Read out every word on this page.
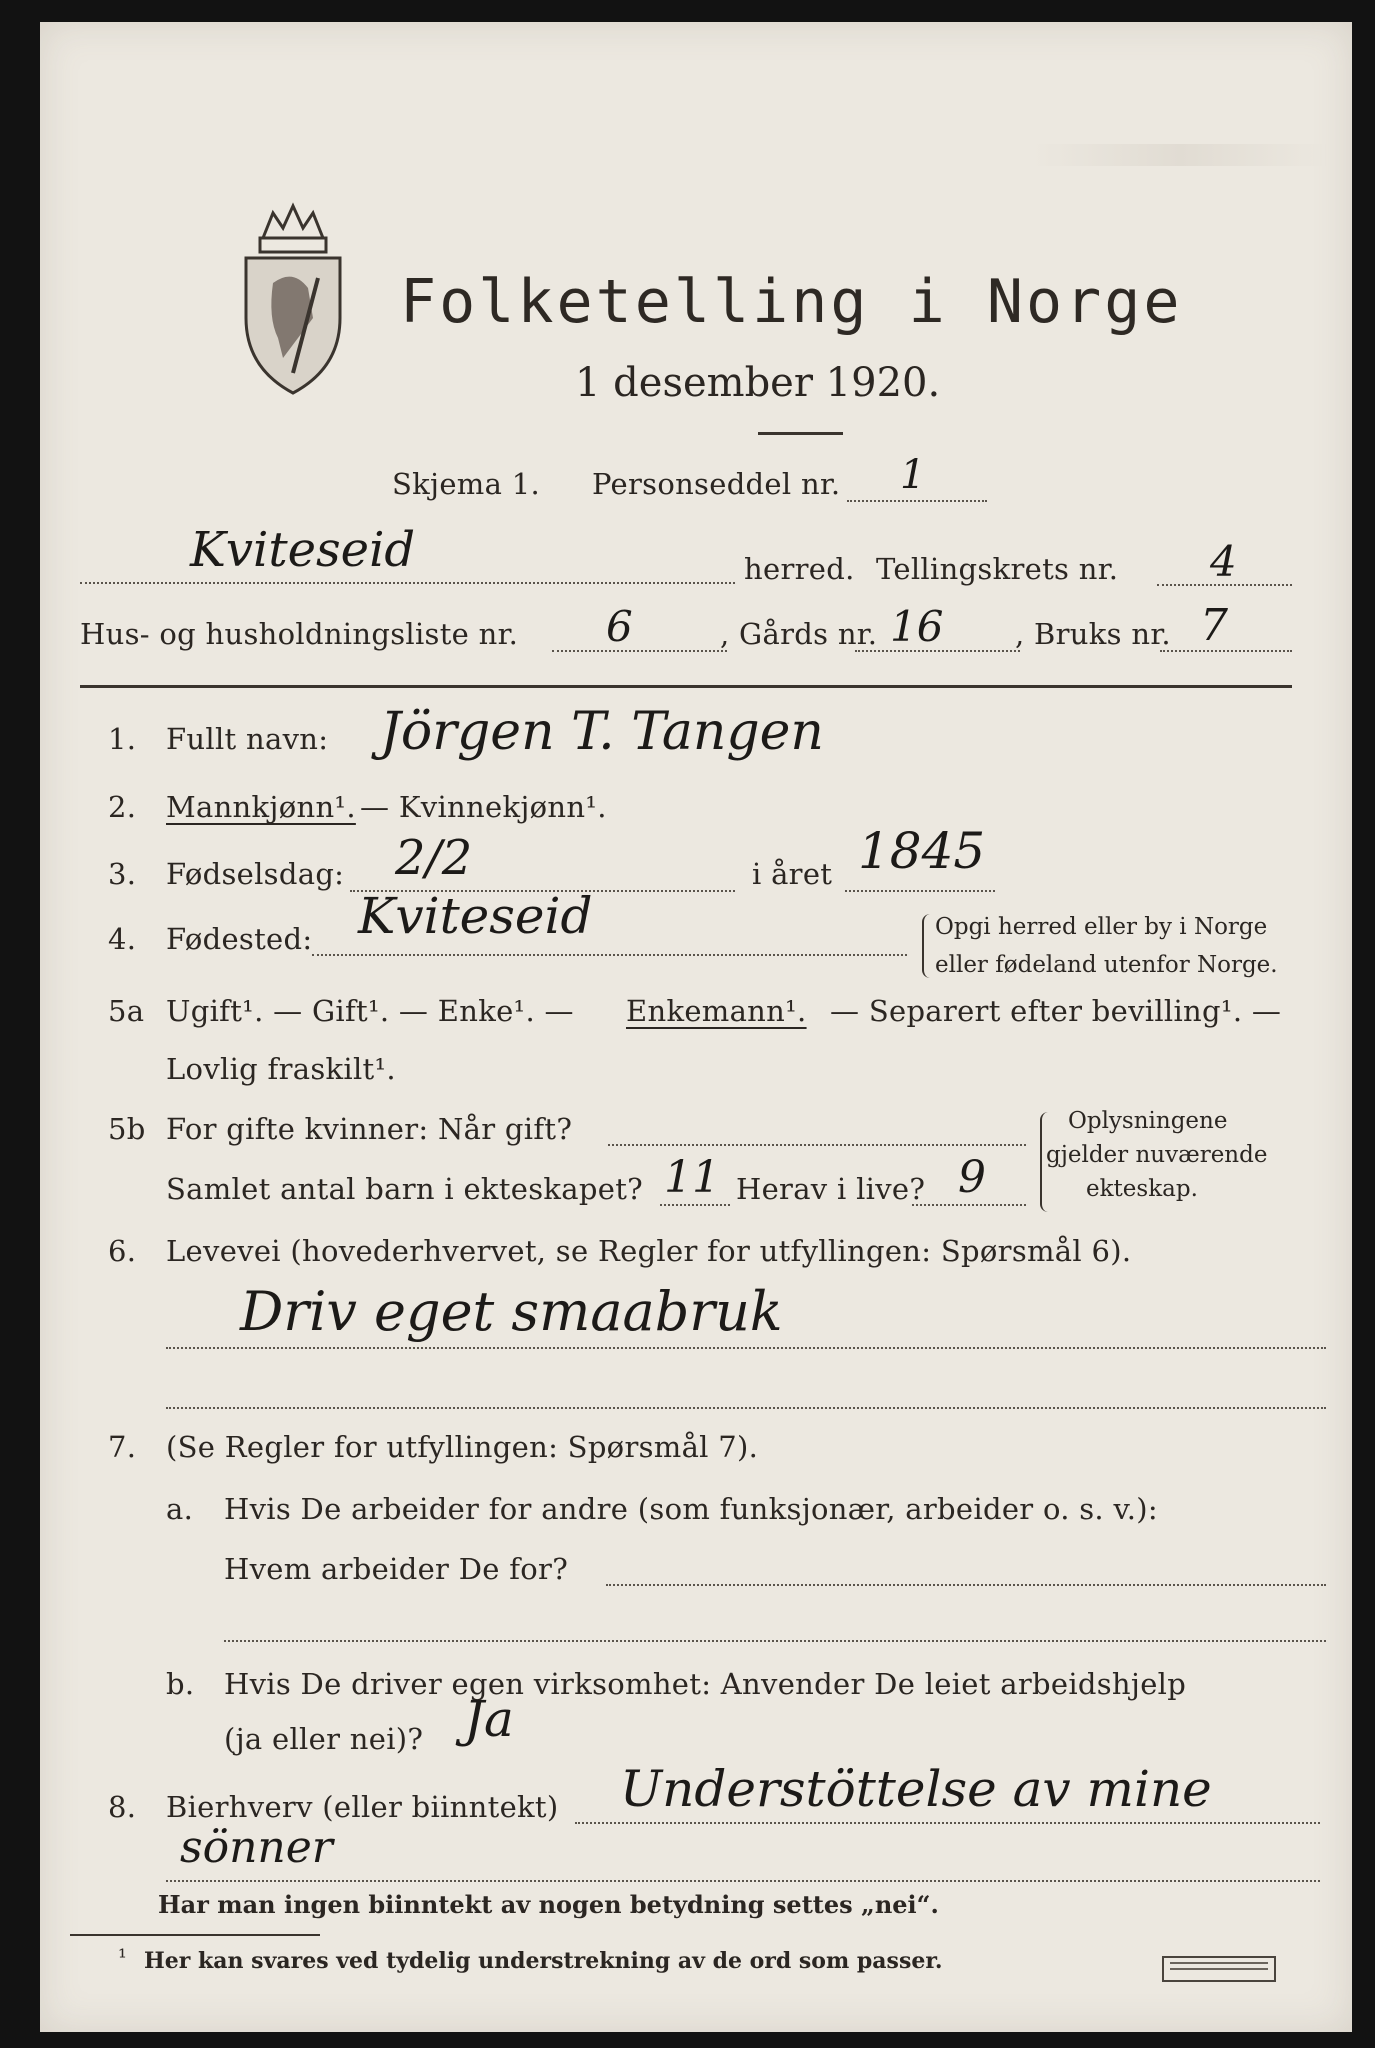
Folketelling i Norge
1 desember 1920.
Skjema 1. Personseddel nr. 1
Kviteseid	herred. Tellingskrets nr. 4
Hus- og husholdningsliste nr. 6	, Gårds nr. 16 , Bruks nr. 7
1. Fullt navn: Jörgen T. Tangen
2. Mannkjønn¹. — Kvinnekjønn¹.
3. Fødselsdag: 2/2	i året 1845
4. Fødested: Kviteseid	Opgi herred eller by i Norge
eller fødeland utenfor Norge.
5a Ugift¹. — Gift¹. — Enke¹. — Enkemann¹. — Separert efter bevilling¹. —
Lovlig fraskilt¹.
5b For gifte kvinner: Når gift?
Samlet antal barn i ekteskapet? 11 Herav i live? 9
Oplysningene
gjelder nuværende
ekteskap.
6. Levevei (hovederhvervet, se Regler for utfyllingen: Spørsmål 6).
Driv eget smaabruk
7. (Se Regler for utfyllingen: Spørsmål 7).
a. Hvis De arbeider for andre (som funksjonær, arbeider o. s. v.):
Hvem arbeider De for?
b. Hvis De driver egen virksomhet: Anvender De leiet arbeidshjelp
(ja eller nei)? Ja
8. Bierhverv (eller biinntekt) Understöttelse av mine
sönner
Har man ingen biinntekt av nogen betydning settes „nei“.
¹ Her kan svares ved tydelig understrekning av de ord som passer.
